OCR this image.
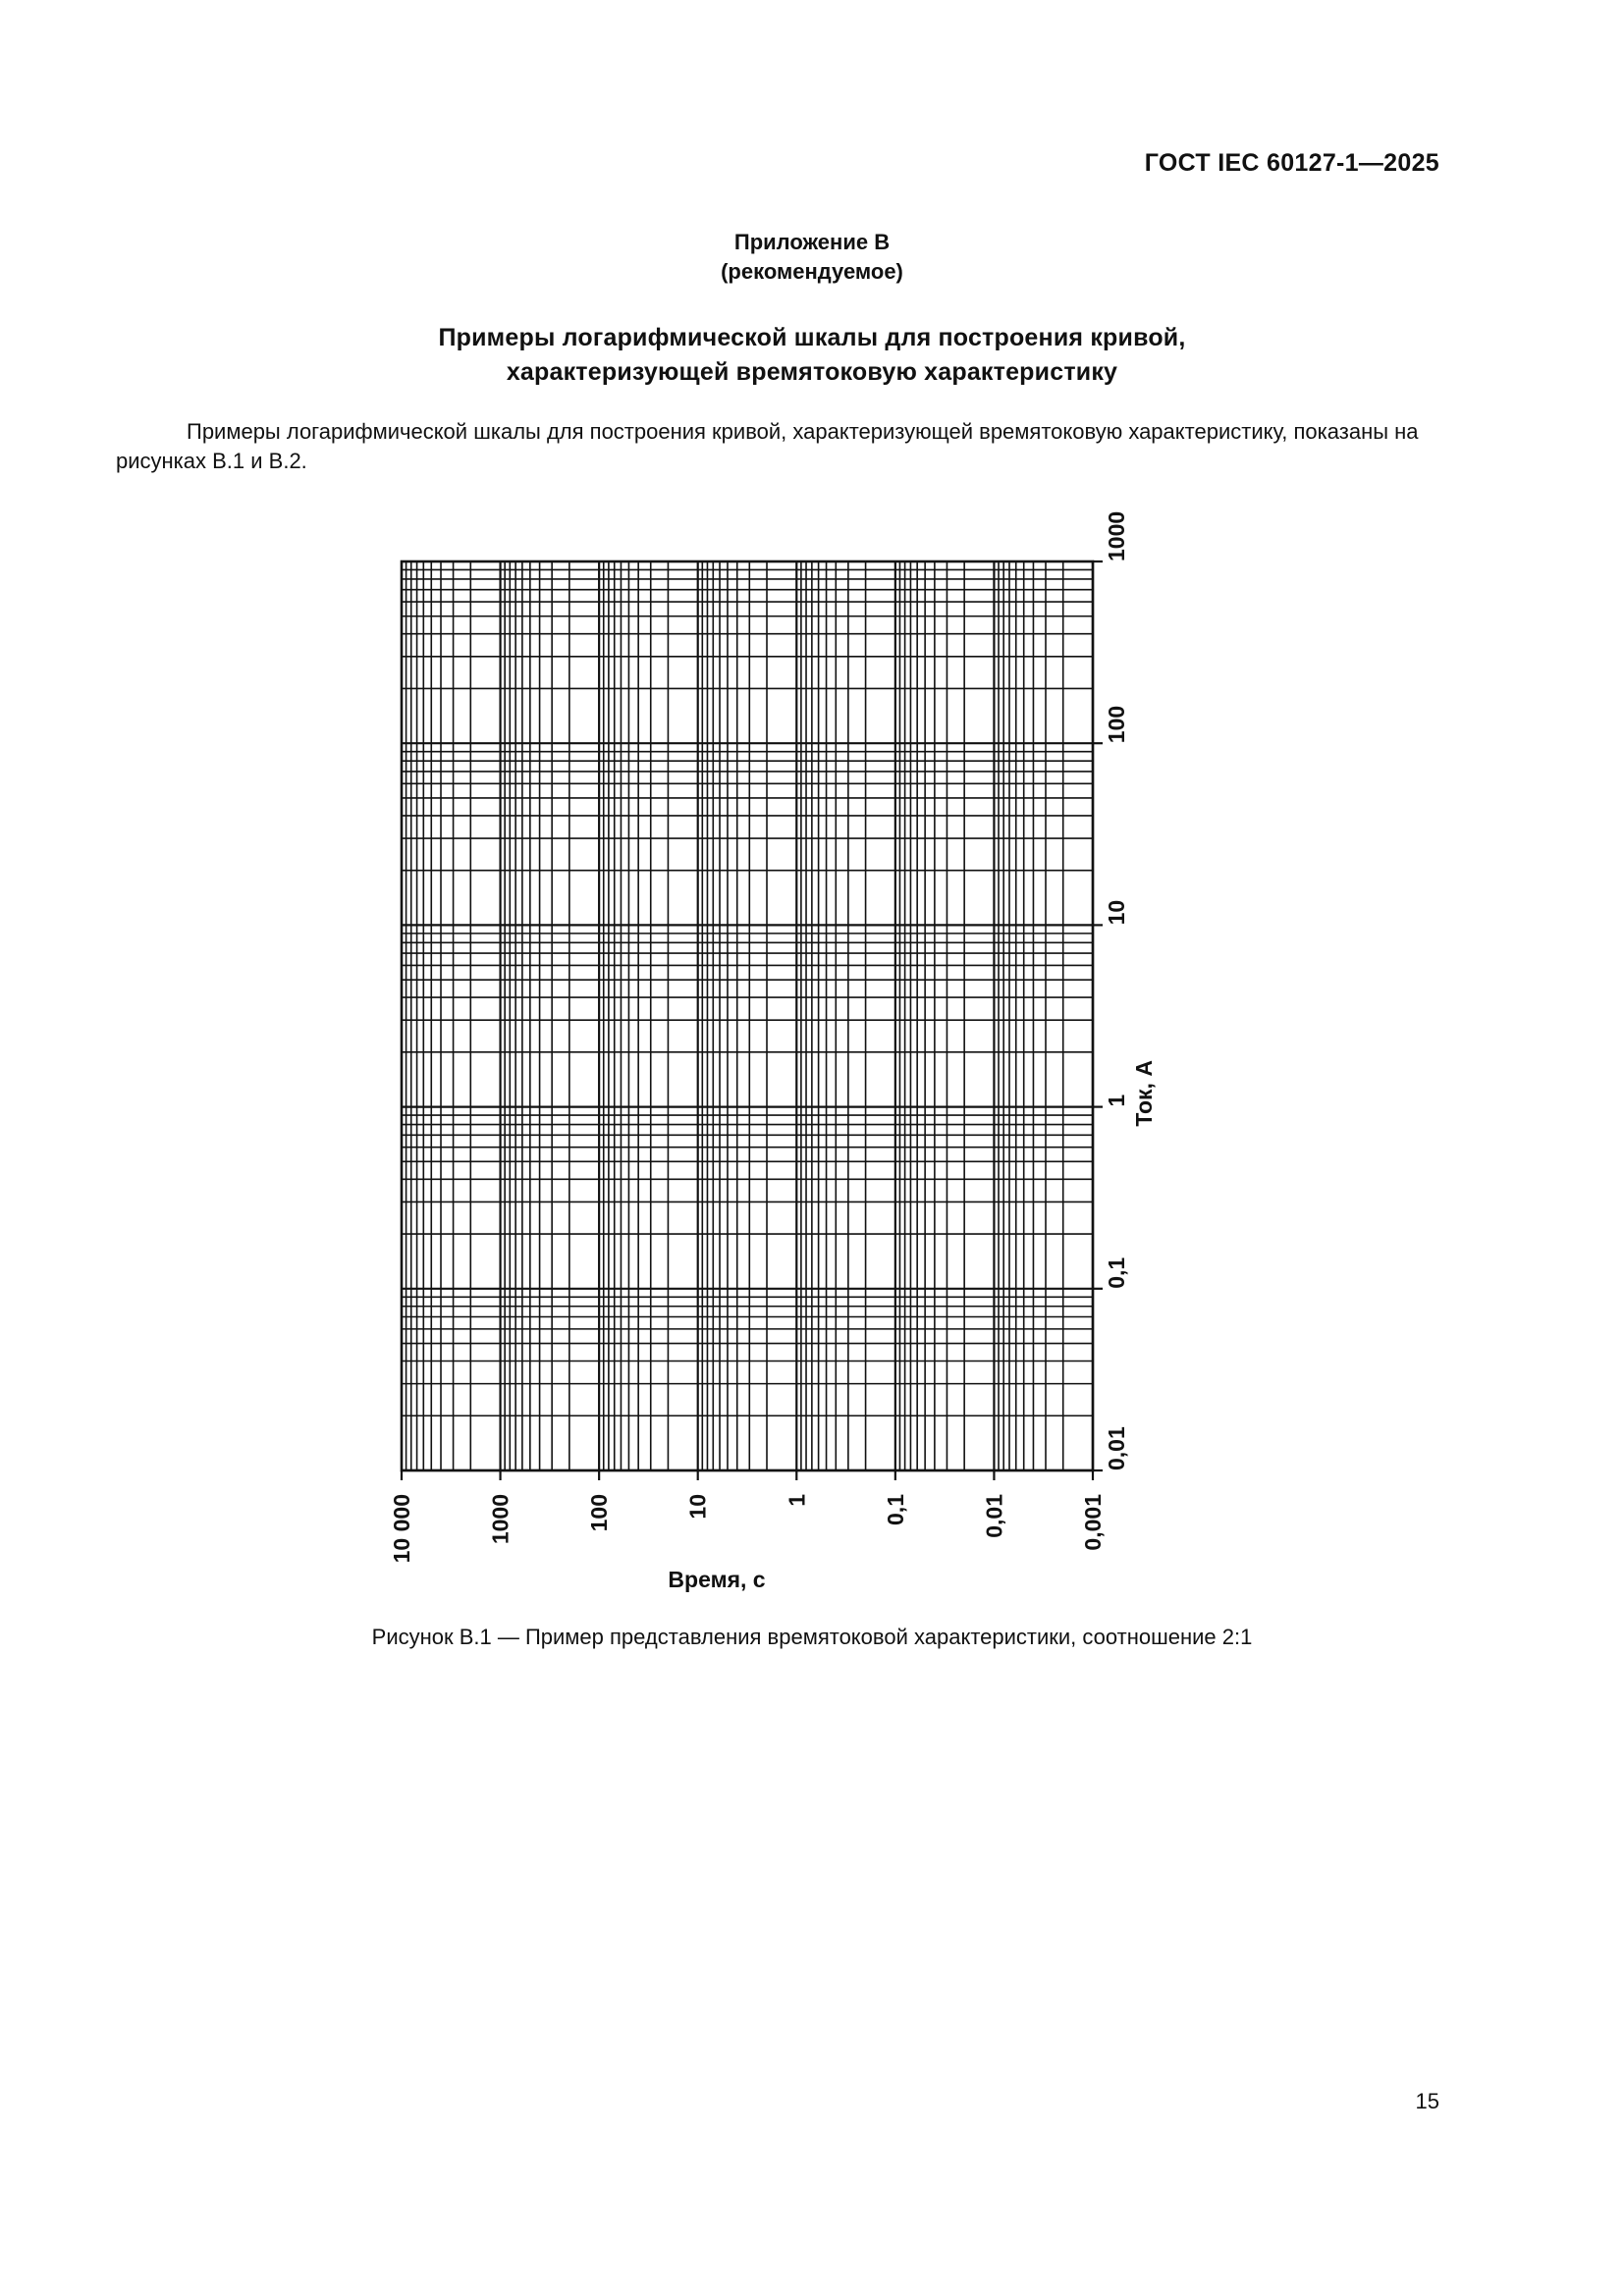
ГОСТ IEC 60127-1—2025
Приложение В
(рекомендуемое)
Примеры логарифмической шкалы для построения кривой,
характеризующей времятоковую характеристику

Примеры логарифмической шкалы для построения кривой, характеризующей времятоковую характеристику, показаны на рисунках В.1 и В.2.

10 000	1000	100	10	1	0,1	0,01	0,001
0,01
0,1
1
10
100
1000
Время, с
Ток, А
Рисунок В.1 — Пример представления времятоковой характеристики, соотношение 2:1
15
